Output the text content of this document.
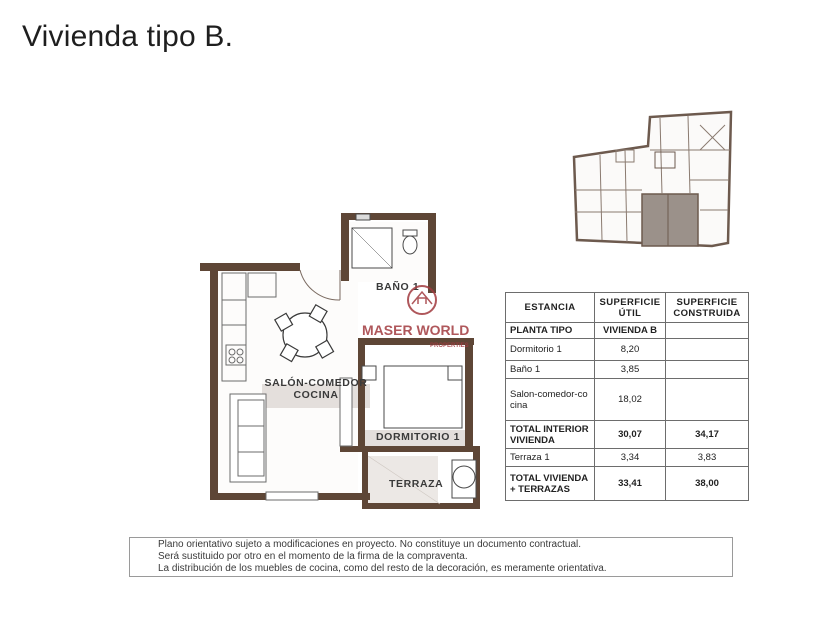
Vivienda tipo B.
BAÑO 1
SALÓN-COMEDOR
COCINA
DORMITORIO 1
TERRAZA
MASER WORLD
PROPERTIES
ESTANCIA	SUPERFICIE ÚTIL	SUPERFICIE CONSTRUIDA
PLANTA TIPO	VIVIENDA B	
Dormitorio 1	8,20	
Baño 1	3,85	
Salon-comedor-cocina	18,02	
TOTAL INTERIOR VIVIENDA	30,07	34,17
Terraza 1	3,34	3,83
TOTAL VIVIENDA + TERRAZAS	33,41	38,00

Plano orientativo sujeto a modificaciones en proyecto. No constituye un documento contractual.

Será sustituido por otro en el momento de la firma de la compraventa.

La distribución de los muebles de cocina, como del resto de la decoración, es meramente orientativa.
